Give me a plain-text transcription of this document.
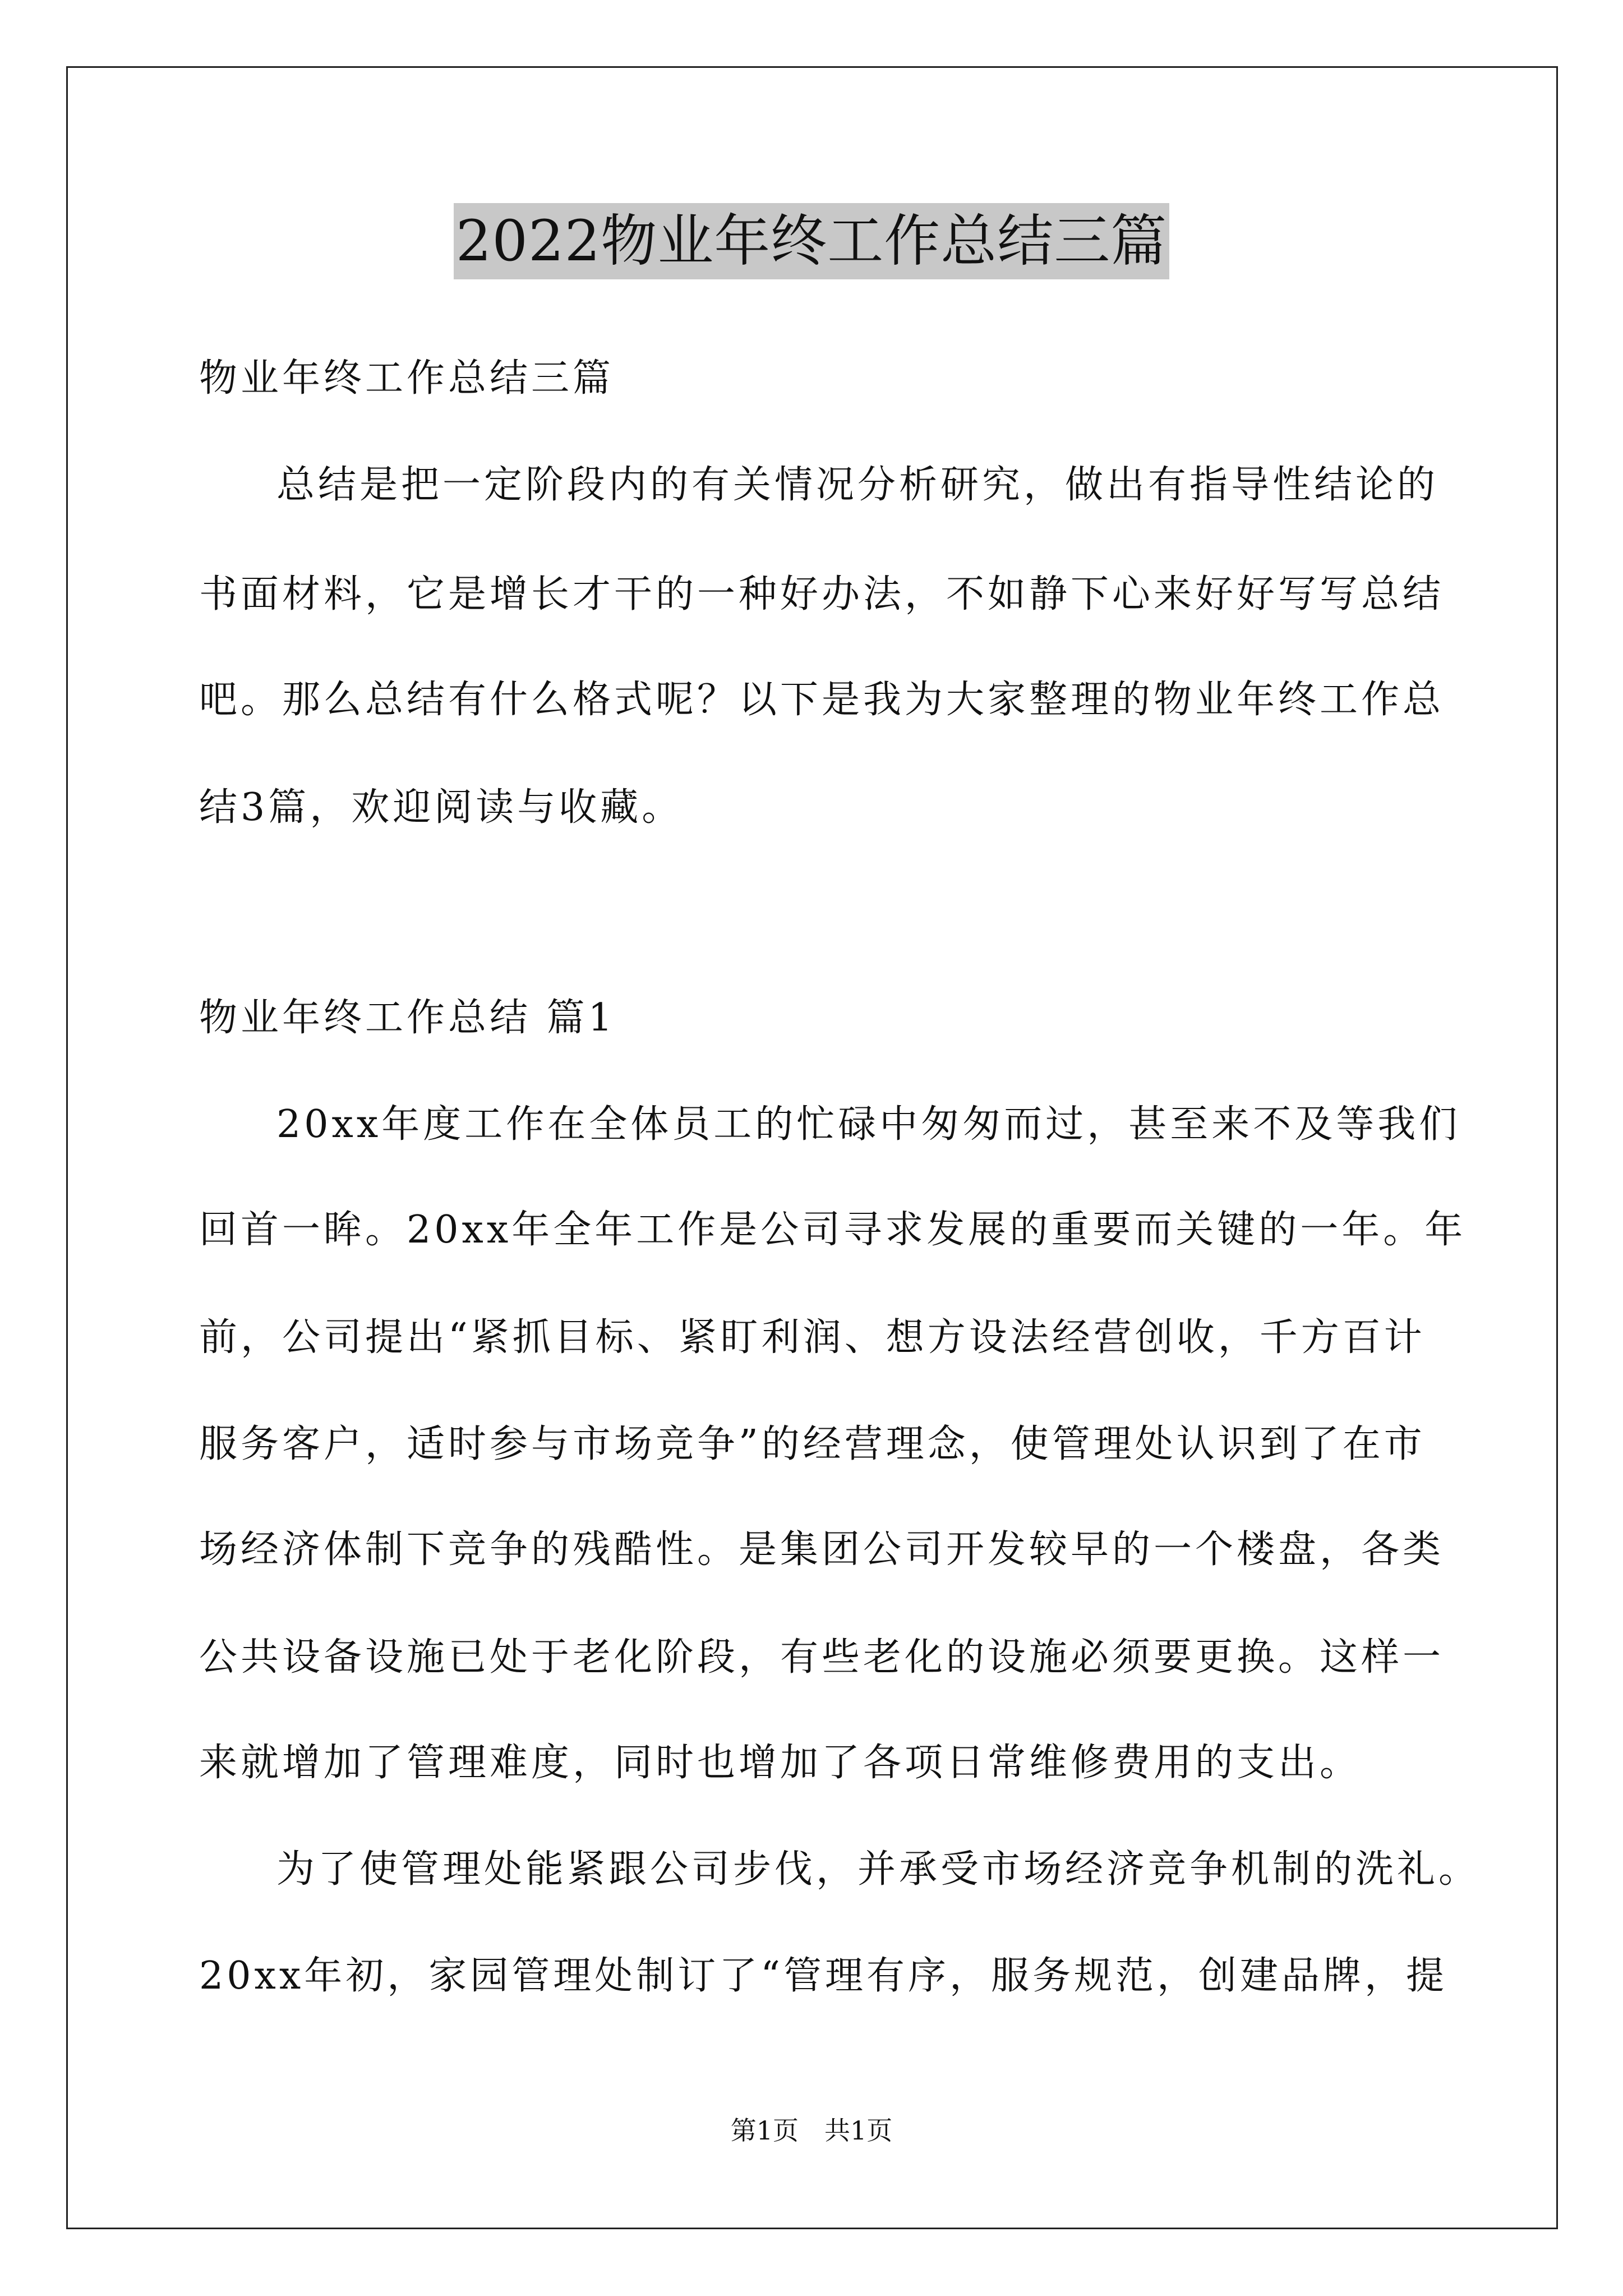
2022物业年终工作总结三篇
物业年终工作总结三篇
总结是把一定阶段内的有关情况分析研究，做出有指导性结论的
书面材料，它是增长才干的一种好办法，不如静下心来好好写写总结
吧。那么总结有什么格式呢？以下是我为大家整理的物业年终工作总
结3篇，欢迎阅读与收藏。
物业年终工作总结 篇1
20xx年度工作在全体员工的忙碌中匆匆而过，甚至来不及等我们
回首一眸。20xx年全年工作是公司寻求发展的重要而关键的一年。年
前，公司提出“紧抓目标、紧盯利润、想方设法经营创收，千方百计
服务客户，适时参与市场竞争”的经营理念，使管理处认识到了在市
场经济体制下竞争的残酷性。是集团公司开发较早的一个楼盘，各类
公共设备设施已处于老化阶段，有些老化的设施必须要更换。这样一
来就增加了管理难度，同时也增加了各项日常维修费用的支出。
为了使管理处能紧跟公司步伐，并承受市场经济竞争机制的洗礼。
20xx年初，家园管理处制订了“管理有序，服务规范，创建品牌，提
第1页　共1页
